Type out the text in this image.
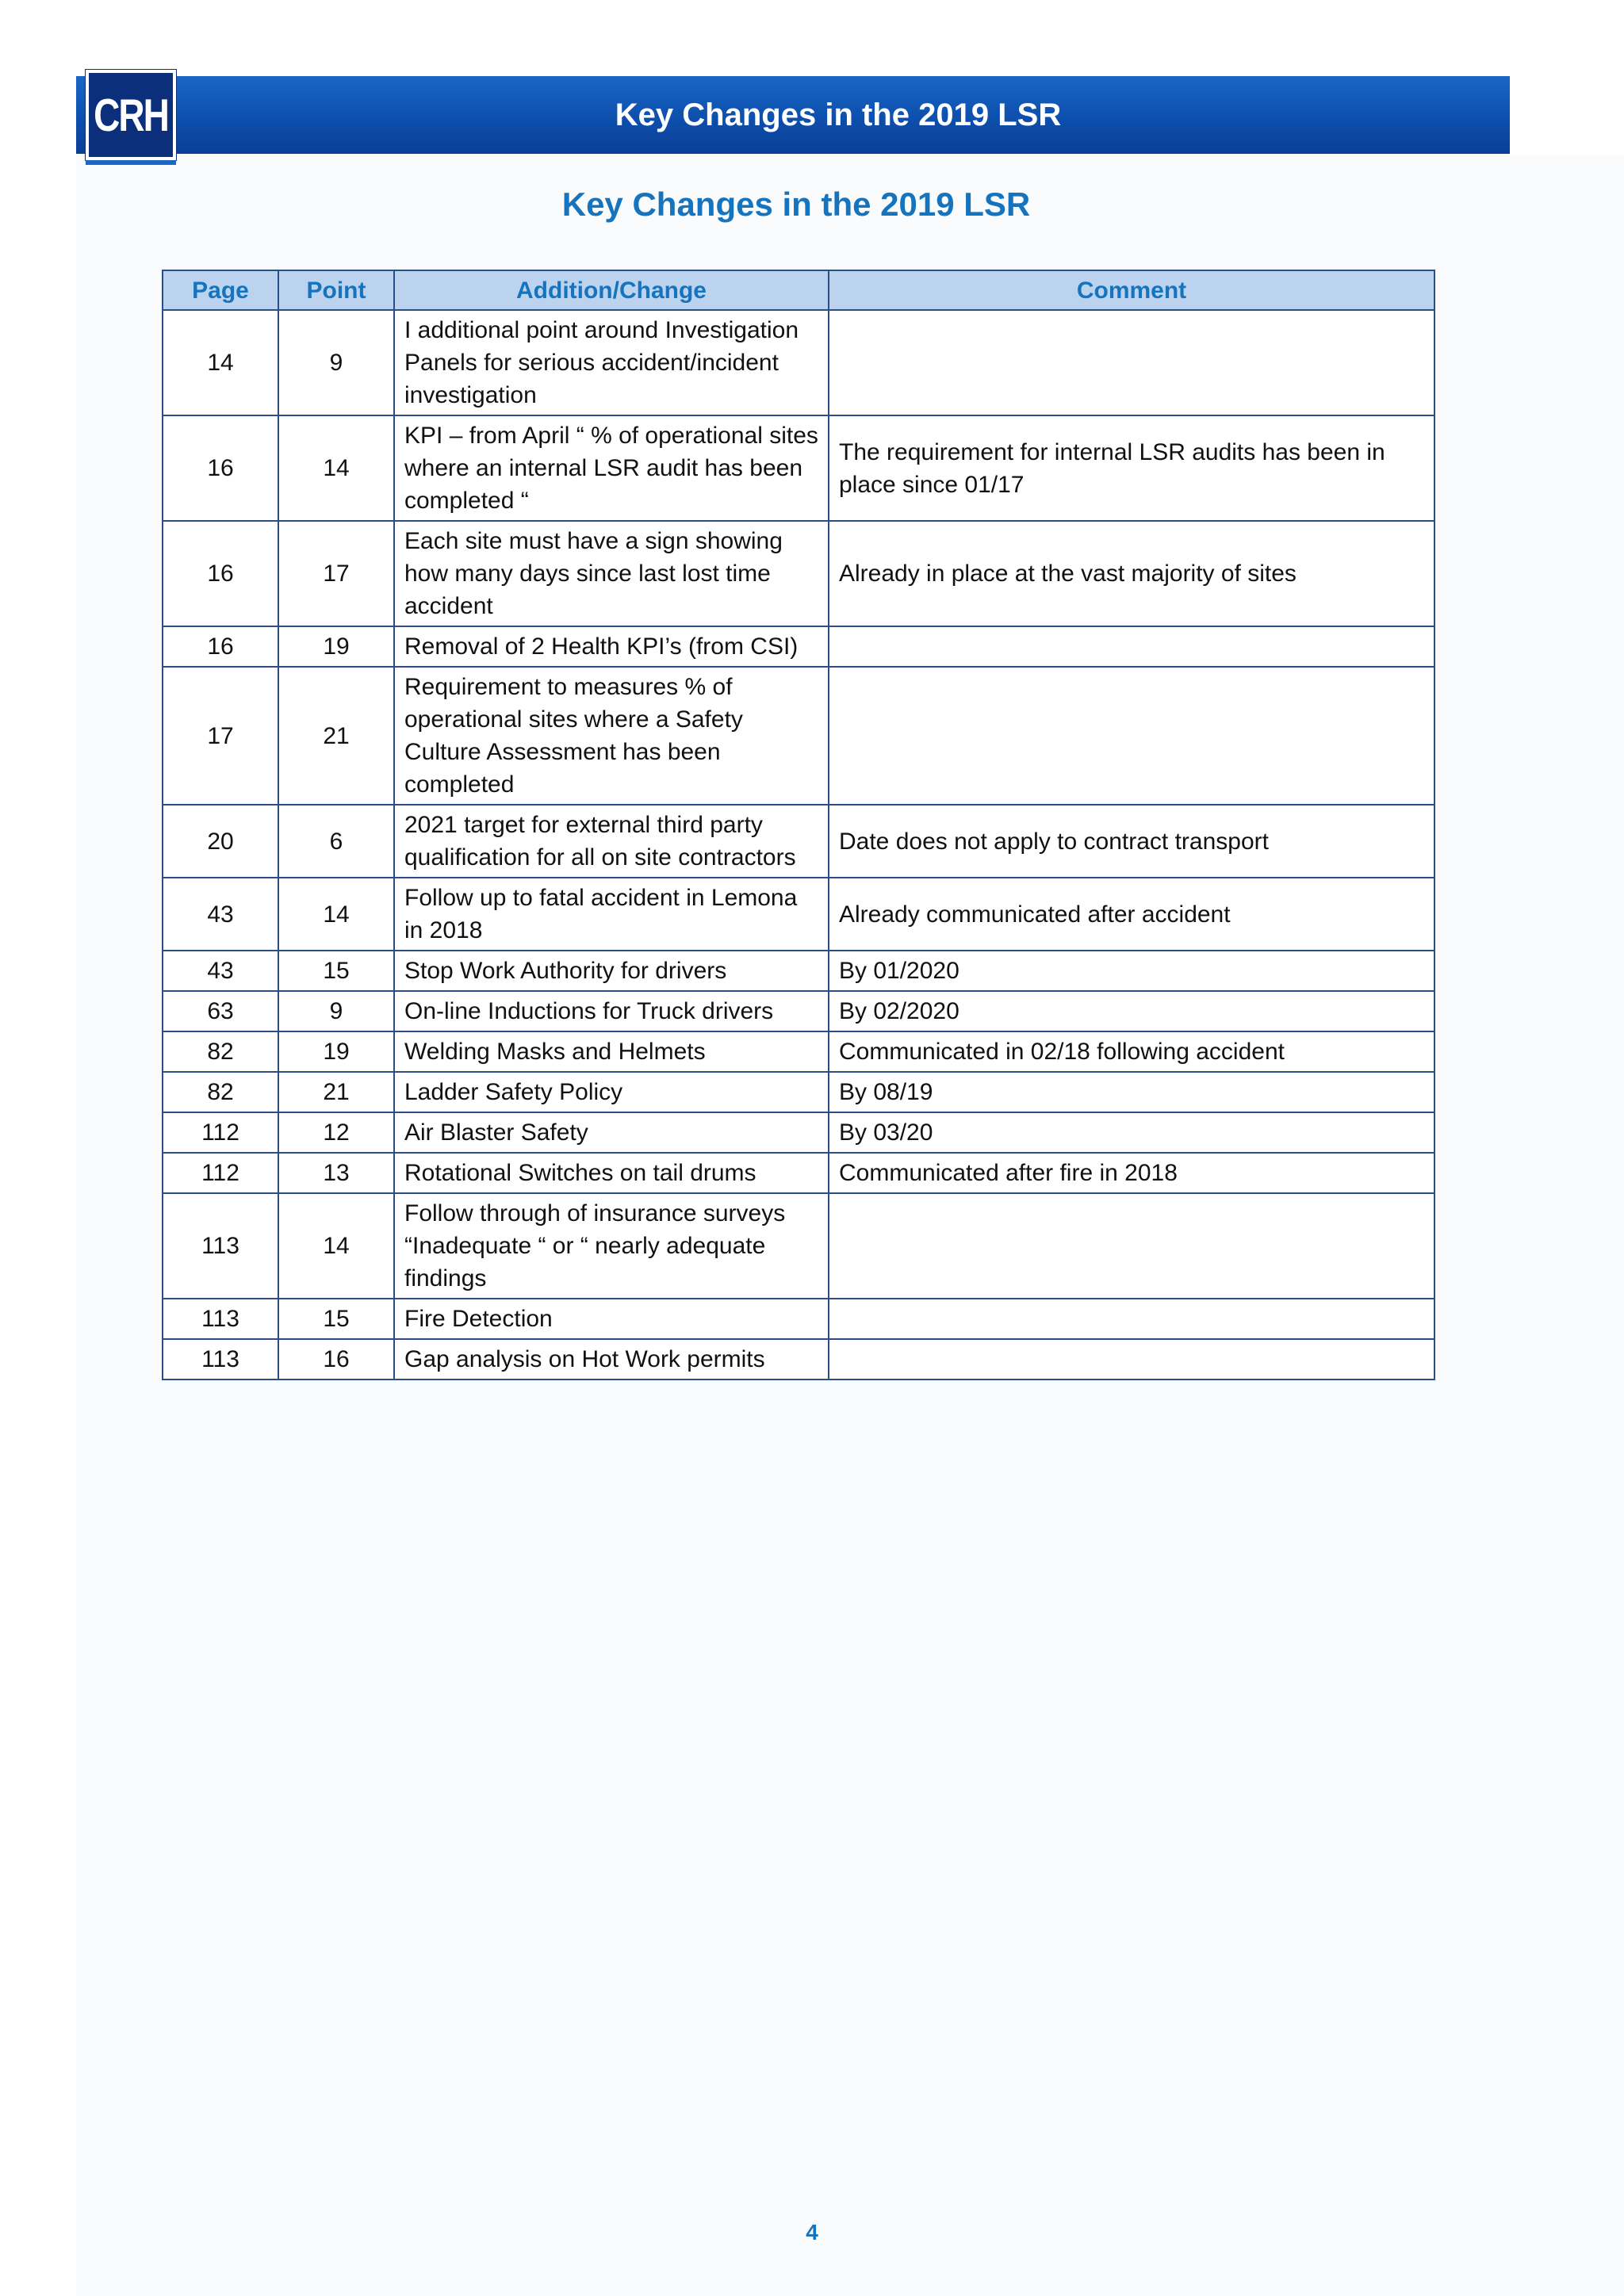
Key Changes in the 2019 LSR
CRH
Key Changes in the 2019 LSR
Page	Point	Addition/Change	Comment
14	9	I additional point around Investigation Panels for serious accident/incident investigation	
16	14	KPI – from April “ % of operational sites where an internal LSR audit has been completed “	The requirement for internal LSR audits has been in place since 01/17
16	17	Each site must have a sign showing how many days since last lost time accident	Already in place at the vast majority of sites
16	19	Removal of 2 Health KPI’s (from CSI)	
17	21	Requirement to measures % of operational sites where a Safety Culture Assessment has been completed	
20	6	2021 target for external third party qualification for all on site contractors	Date does not apply to contract transport
43	14	Follow up to fatal accident in Lemona in 2018	Already communicated after accident
43	15	Stop Work Authority for drivers	By 01/2020
63	9	On-line Inductions for Truck drivers	By 02/2020
82	19	Welding Masks and Helmets	Communicated in 02/18 following accident
82	21	Ladder Safety Policy	By 08/19
112	12	Air Blaster Safety	By 03/20
112	13	Rotational Switches on tail drums	Communicated after fire in 2018
113	14	Follow through of insurance surveys “Inadequate “ or “ nearly adequate findings	
113	15	Fire Detection	
113	16	Gap analysis on Hot Work permits	
4
